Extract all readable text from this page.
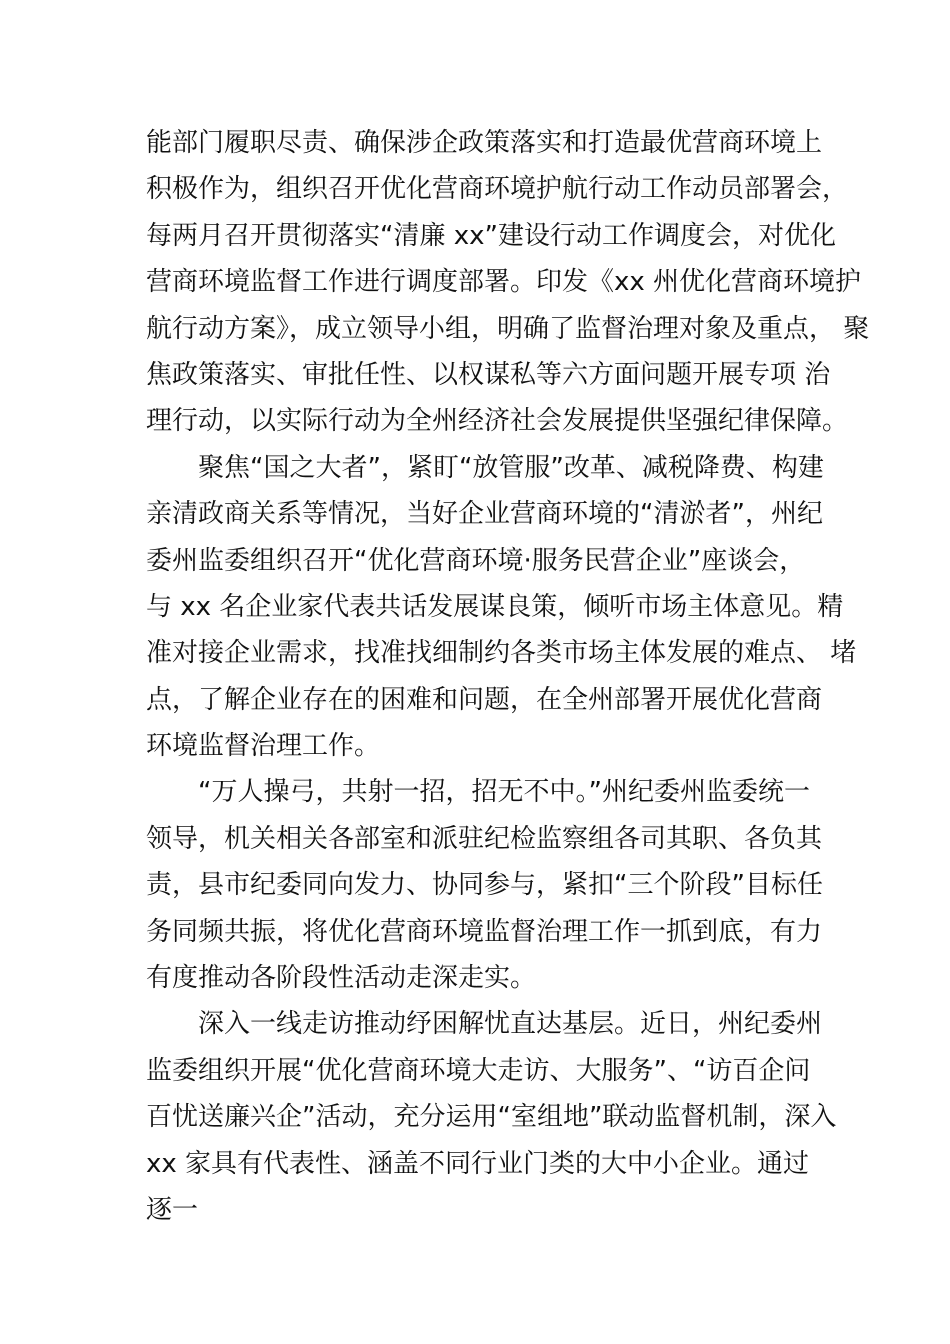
能部门履职尽责、确保涉企政策落实和打造最优营商环境上
积极作为，组织召开优化营商环境护航行动工作动员部署会，
每两月召开贯彻落实“清廉 xx”建设行动工作调度会，对优化
营商环境监督工作进行调度部署。印发《xx 州优化营商环境护
航行动方案》，成立领导小组，明确了监督治理对象及重点， 聚
焦政策落实、审批任性、以权谋私等六方面问题开展专项 治
理行动，以实际行动为全州经济社会发展提供坚强纪律保障。
聚焦“国之大者”，紧盯“放管服”改革、减税降费、构建
亲清政商关系等情况，当好企业营商环境的“清淤者”，州纪
委州监委组织召开“优化营商环境·服务民营企业”座谈会，
与 xx 名企业家代表共话发展谋良策，倾听市场主体意见。精
准对接企业需求，找准找细制约各类市场主体发展的难点、 堵
点，了解企业存在的困难和问题，在全州部署开展优化营商
环境监督治理工作。
“万人操弓，共射一招，招无不中。”州纪委州监委统一
领导，机关相关各部室和派驻纪检监察组各司其职、各负其
责，县市纪委同向发力、协同参与，紧扣“三个阶段”目标任
务同频共振，将优化营商环境监督治理工作一抓到底，有力
有度推动各阶段性活动走深走实。
深入一线走访推动纾困解忧直达基层。近日，州纪委州
监委组织开展“优化营商环境大走访、大服务”、“访百企问
百忧送廉兴企”活动，充分运用“室组地”联动监督机制，深入
xx 家具有代表性、涵盖不同行业门类的大中小企业。通过
逐一
